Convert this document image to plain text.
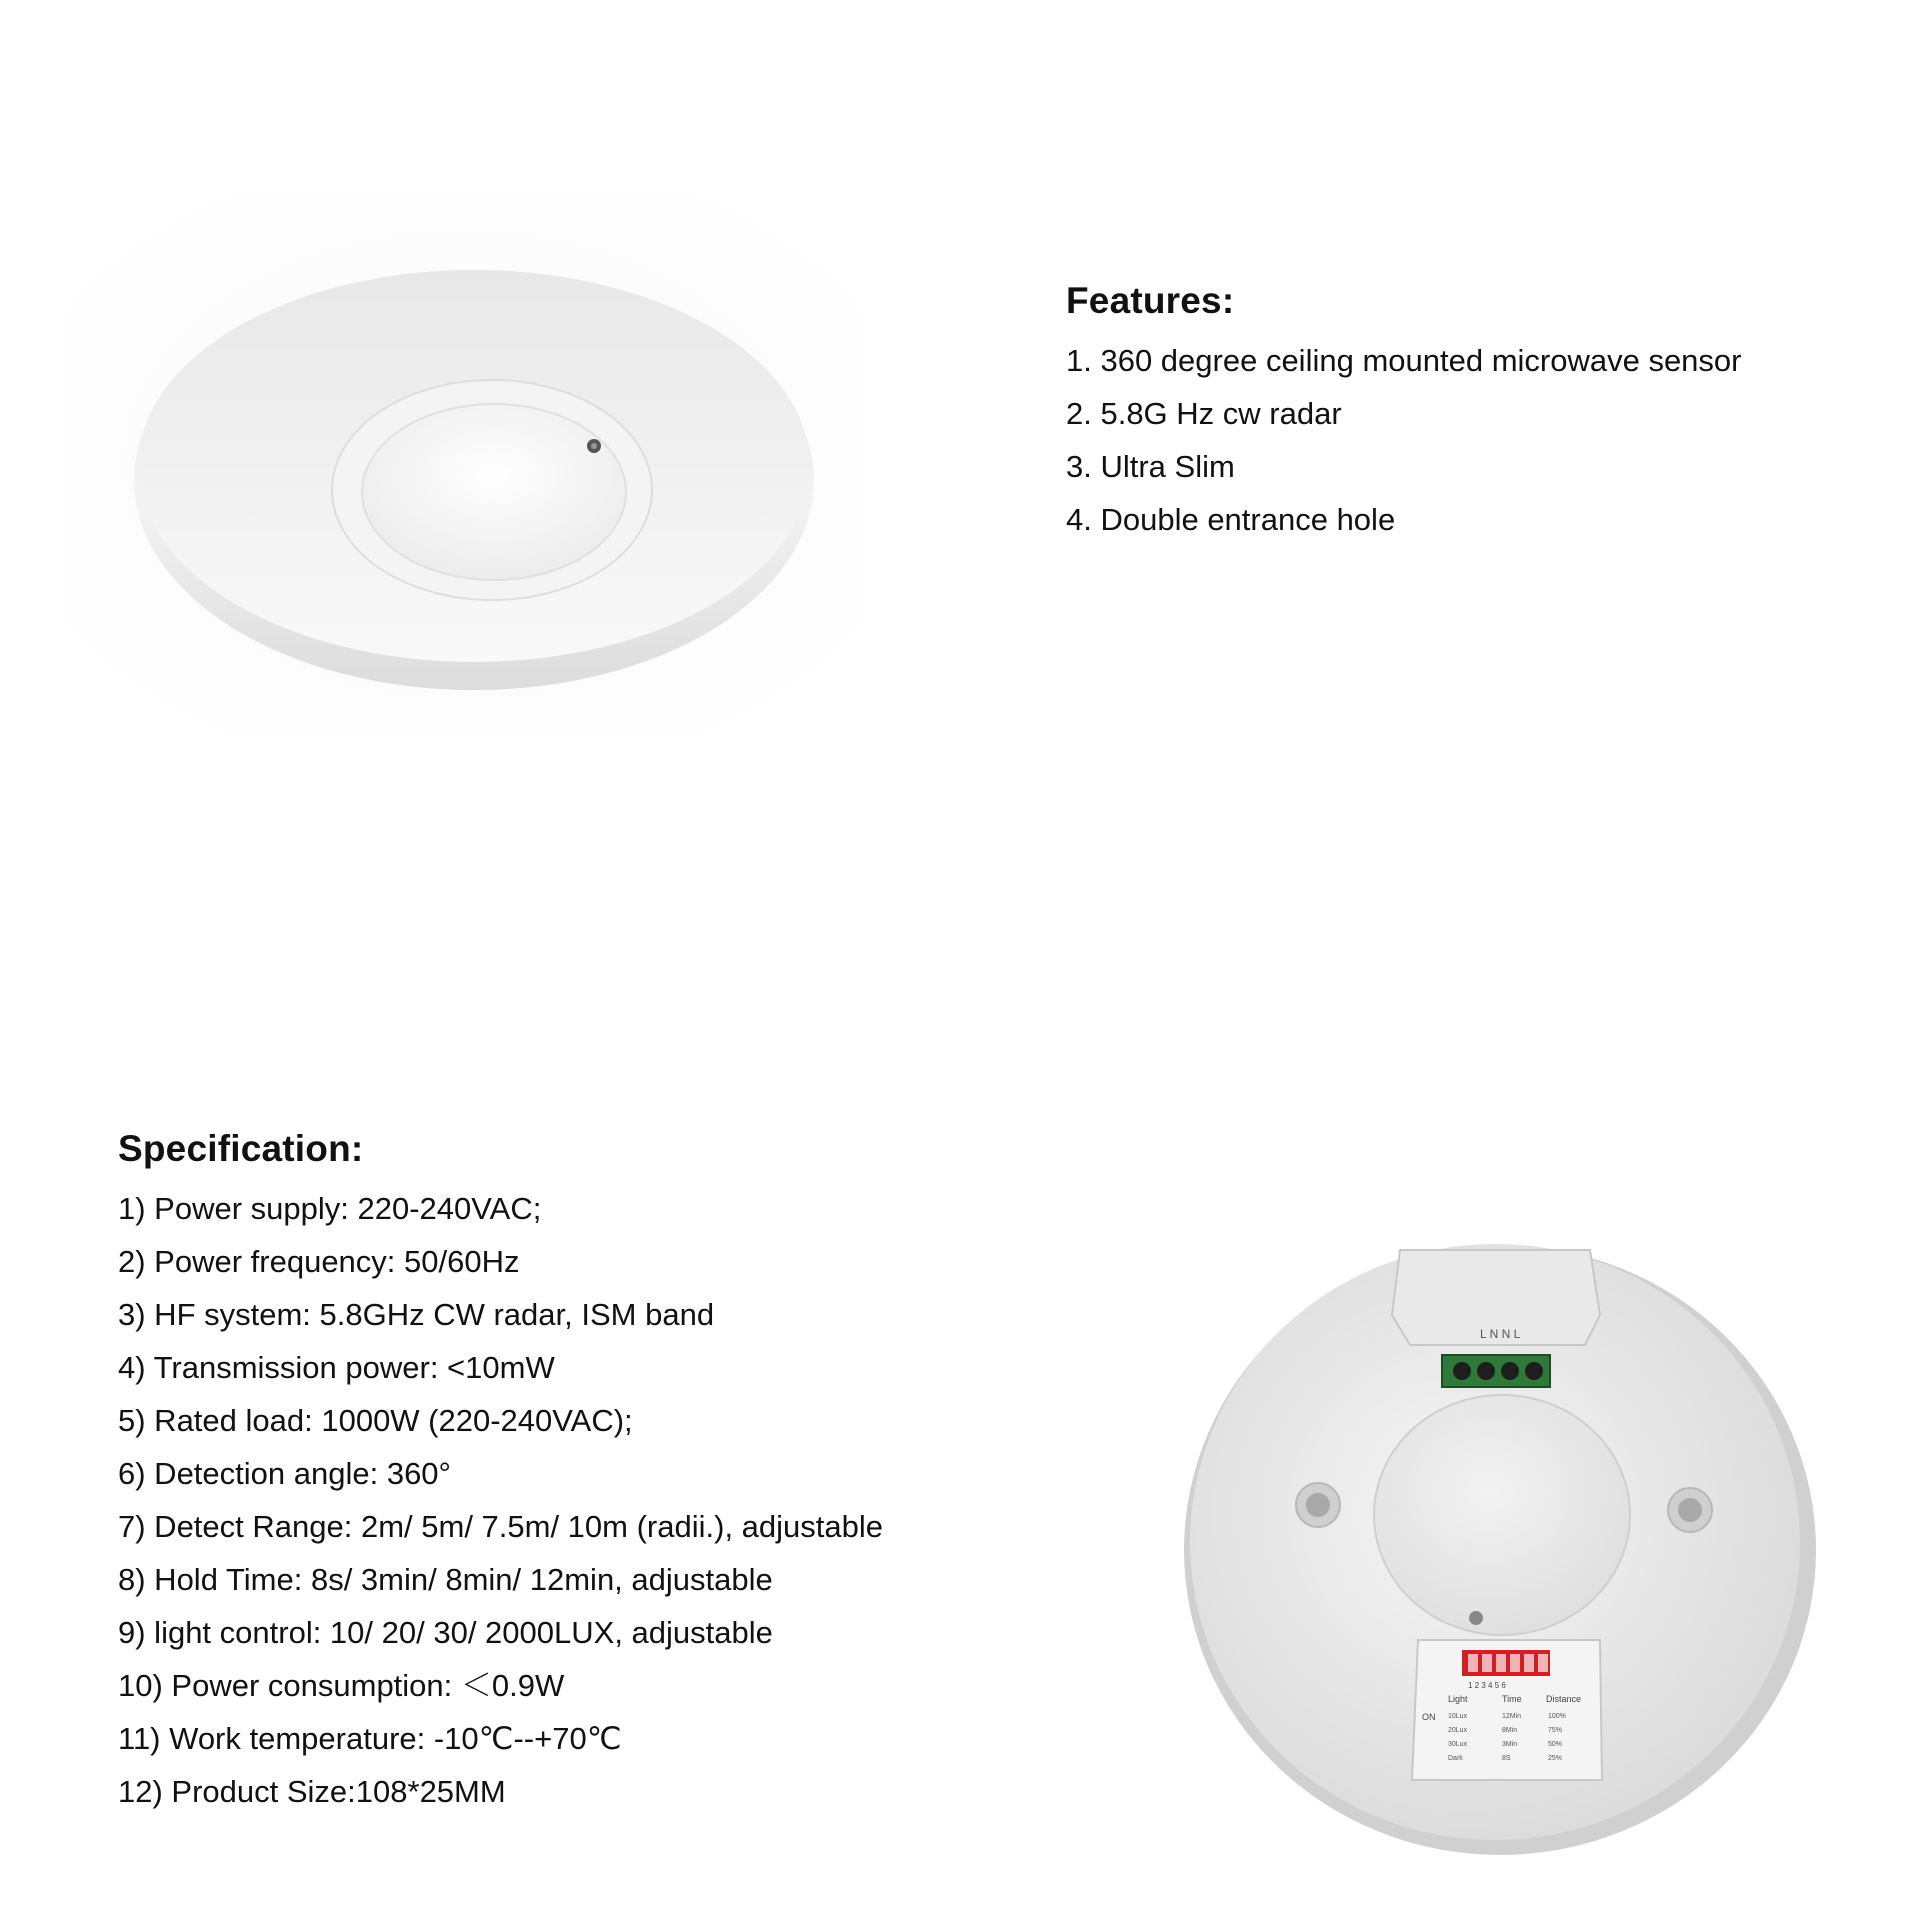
Features:
1. 360 degree ceiling mounted microwave sensor
2. 5.8G Hz cw radar
3. Ultra Slim
4. Double entrance hole
Specification:
1) Power supply: 220-240VAC;
2) Power frequency: 50/60Hz
3) HF system: 5.8GHz CW radar, ISM band
4) Transmission power: <10mW
5) Rated load: 1000W (220-240VAC);
6) Detection angle: 360°
7) Detect Range: 2m/ 5m/ 7.5m/ 10m (radii.), adjustable
8) Hold Time: 8s/ 3min/ 8min/ 12min, adjustable
9) light control: 10/ 20/ 30/ 2000LUX, adjustable
10) Power consumption: ＜0.9W
11) Work temperature: -10℃--+70℃
12) Product Size:108*25MM
L N N L
1 2 3 4 5 6
ON
Light	Time	Distance
10Lux
20Lux
30Lux
Dark
12Min
8Min
3Min
8S
100%
75%
50%
25%
